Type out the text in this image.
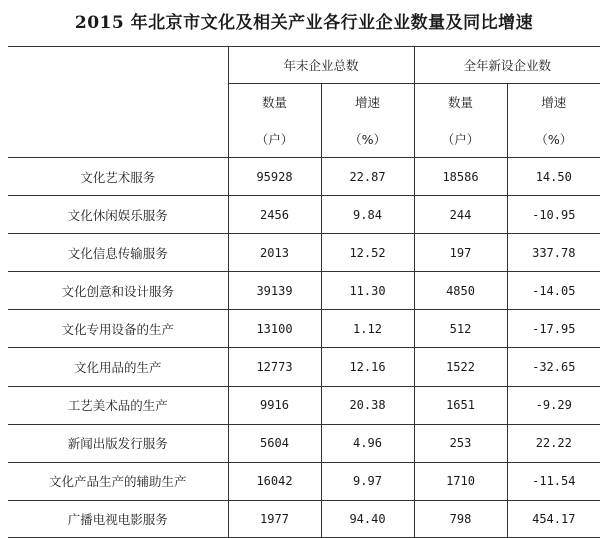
2015 年北京市文化及相关产业各行业企业数量及同比增速
	年末企业总数		全年新设企业数	
	数量	增速	数量	增速
	（户）	（%）	（户）	（%）
文化艺术服务	95928	22.87	18586	14.50
文化休闲娱乐服务	2456	9.84	244	-10.95
文化信息传输服务	2013	12.52	197	337.78
文化创意和设计服务	39139	11.30	4850	-14.05
文化专用设备的生产	13100	1.12	512	-17.95
文化用品的生产	12773	12.16	1522	-32.65
工艺美术品的生产	9916	20.38	1651	-9.29
新闻出版发行服务	5604	4.96	253	22.22
文化产品生产的辅助生产	16042	9.97	1710	-11.54
广播电视电影服务	1977	94.40	798	454.17
